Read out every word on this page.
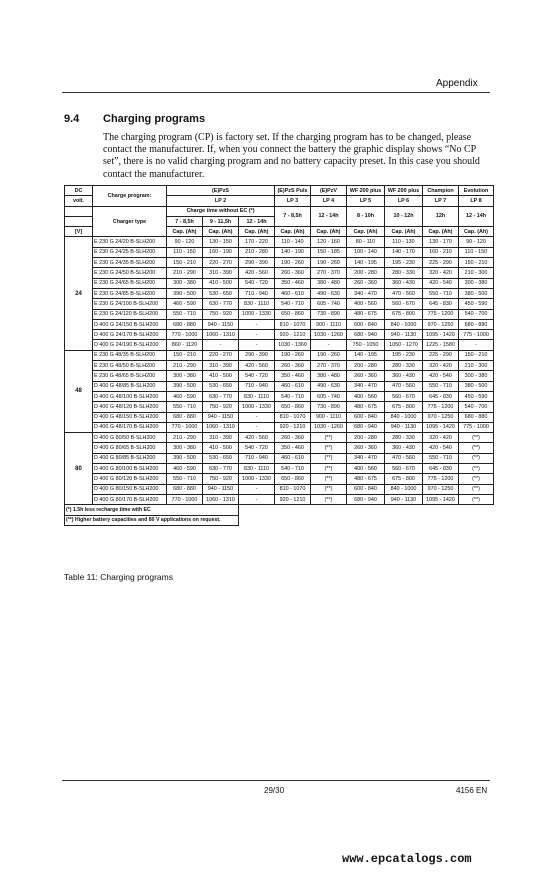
Appendix
9.4 Charging programs
The charging program (CP) is factory set. If the charging program has to be changed, please contact the manufacturer. If, when you connect the battery the graphic display shows “No CP set”, there is no valid charging program and no battery capacity preset. In this case you should contact the manufacturer.
DC	Charge program:	(E)PzS			(E)PzS Puls	(E)PzV	WF 200 plus	WF 200 plus	Champion	Evolution
volt.		LP 2			LP 3	LP 4	LP 5	LP 6	LP 7	LP 8
	Charger type	Charge time without EC (*)			7 - 8,5h	12 - 14h	8 - 10h	10 - 12h	12h	12 - 14h
		7 - 8,5h	9 - 11,5h	12 - 14h						
[V]		Cap. (Ah)	Cap. (Ah)	Cap. (Ah)	Cap. (Ah)	Cap. (Ah)	Cap. (Ah)	Cap. (Ah)	Cap. (Ah)	Cap. (Ah)
24	E 230 G 24/20 B-SLH200	90 - 120	130 - 150	170 - 220	110 - 140	120 - 160	80 - 110	110 - 130	130 - 170	90 - 120
	E 230 G 24/25 B-SLH200	110 - 150	160 - 190	210 - 280	140 - 190	150 - 185	100 - 140	140 - 170	160 - 210	110 - 150
	E 230 G 24/35 B-SLH200	150 - 210	220 - 270	290 - 390	190 - 260	190 - 260	140 - 195	195 - 230	225 - 290	150 - 210
	E 230 G 24/50 B-SLH200	210 - 290	310 - 390	420 - 560	260 - 360	270 - 370	200 - 280	280 - 330	320 - 420	210 - 300
	E 230 G 24/65 B-SLH200	300 - 380	410 - 500	540 - 720	350 - 460	380 - 480	260 - 360	360 - 430	420 - 540	300 - 380
	E 230 G 24/85 B-SLH200	390 - 500	530 - 650	710 - 940	460 - 610	490 - 630	340 - 470	470 - 560	550 - 710	380 - 500
	E 230 G 24/100 B-SLH200	460 - 590	630 - 770	830 - 1110	540 - 710	605 - 740	400 - 560	560 - 670	645 - 830	450 - 590
	E 230 G 24/120 B-SLH200	550 - 710	750 - 920	1000 - 1330	650 - 860	730 - 890	480 - 675	675 - 800	775 - 1200	540 - 700
	D 400 G 24/150 B-SLH200	680 - 880	940 - 1150	-	810 - 1070	900 - 1110	600 - 840	840 - 1000	970 - 1250	680 - 880
	D 400 G 24/170 B-SLH200	770 - 1000	1060 - 1310	-	920 - 1210	1030 - 1260	680 - 940	940 - 1130	1095 - 1420	775 - 1000
	D 400 G 24/190 B-SLH200	860 - 1120	-	-	1030 - 1360	-	750 - 1050	1050 - 1270	1225 - 1580	-
48	E 230 G 48/35 B-SLH200	150 - 210	220 - 270	290 - 390	190 - 260	190 - 260	140 - 195	195 - 230	225 - 290	150 - 210
	E 230 G 48/50 B-SLH200	210 - 290	310 - 390	420 - 560	260 - 360	270 - 370	200 - 280	280 - 330	320 - 420	210 - 300
	E 230 G 48/65 B-SLH200	300 - 380	410 - 500	540 - 720	350 - 460	380 - 480	260 - 360	360 - 430	420 - 540	300 - 380
	D 400 G 48/85 B-SLH200	390 - 500	530 - 650	710 - 940	460 - 610	490 - 630	340 - 470	470 - 560	550 - 710	380 - 500
	D 400 G 48/100 B-SLH200	460 - 590	630 - 770	830 - 1110	540 - 710	605 - 740	400 - 560	560 - 670	645 - 830	450 - 590
	D 400 G 48/120 B-SLH200	550 - 710	750 - 920	1000 - 1330	650 - 860	730 - 890	480 - 675	675 - 800	775 - 1200	540 - 700
	D 400 G 48/150 B-SLH200	680 - 880	940 - 1150	-	810 - 1070	900 - 1110	600 - 840	840 - 1000	970 - 1250	680 - 880
	D 400 G 48/170 B-SLH200	770 - 1000	1060 - 1310	-	920 - 1210	1030 - 1260	680 - 940	940 - 1130	1095 - 1420	775 - 1000
80	D 400 G 80/50 B-SLH200	210 - 290	310 - 390	420 - 560	260 - 360	(**)	200 - 280	280 - 330	320 - 420	(**)
	D 400 G 80/65 B-SLH200	300 - 380	410 - 500	540 - 720	350 - 460	(**)	260 - 360	360 - 430	420 - 540	(**)
	D 400 G 80/85 B-SLH200	390 - 500	530 - 650	710 - 940	460 - 610	(**)	340 - 470	470 - 560	550 - 710	(**)
	D 400 G 80/100 B-SLH200	460 - 590	630 - 770	830 - 1110	540 - 710	(**)	400 - 560	560 - 670	645 - 830	(**)
	D 400 G 80/120 B-SLH200	550 - 710	750 - 920	1000 - 1330	650 - 860	(**)	480 - 675	675 - 800	775 - 1200	(**)
	D 400 G 80/150 B-SLH200	680 - 880	940 - 1150	-	810 - 1070	(**)	600 - 840	840 - 1000	970 - 1250	(**)
	D 400 G 80/170 B-SLH200	770 - 1000	1060 - 1310	-	920 - 1210	(**)	680 - 940	940 - 1130	1095 - 1420	(**)
(*) 1.5h less recharge time with EC										
(**) Higher battery capacities and 80 V applications on request.										
Table 11: Charging programs
29/30	4156 EN
www.epcatalogs.com
